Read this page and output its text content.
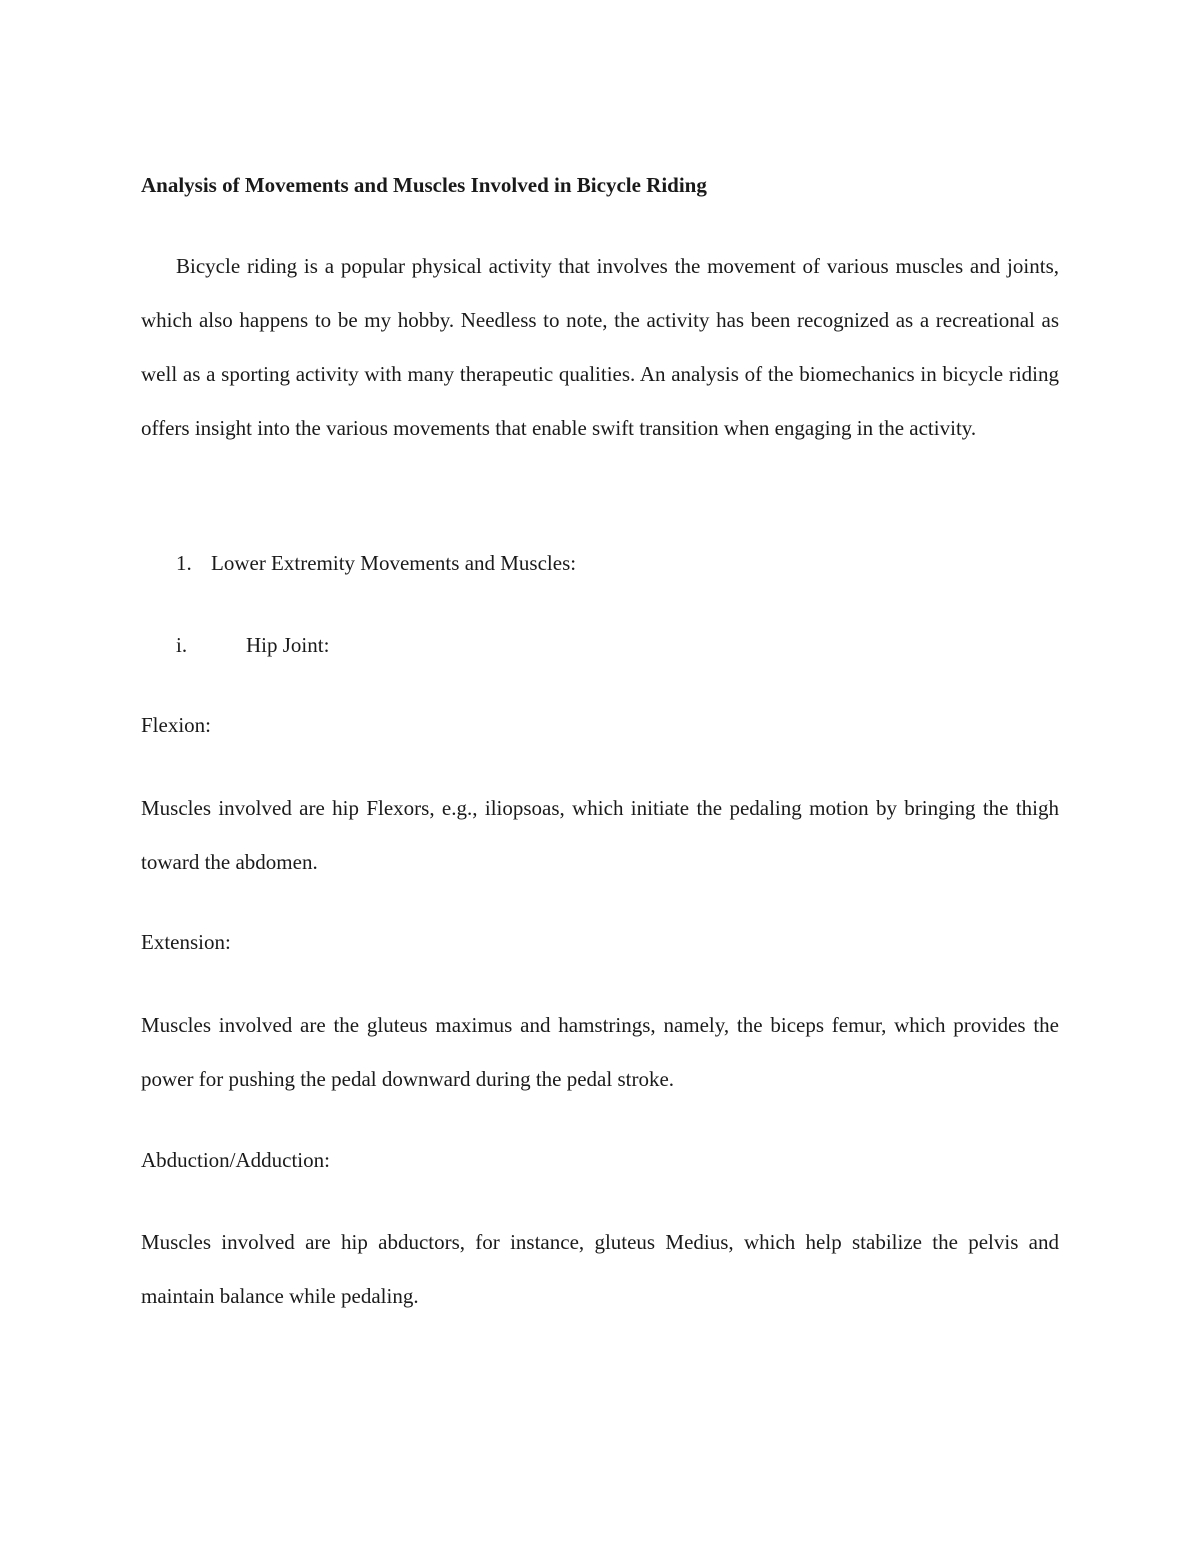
Analysis of Movements and Muscles Involved in Bicycle Riding

Bicycle riding is a popular physical activity that involves the movement of various muscles and joints, which also happens to be my hobby. Needless to note, the activity has been recognized as a recreational as well as a sporting activity with many therapeutic qualities. An analysis of the biomechanics in bicycle riding offers insight into the various movements that enable swift transition when engaging in the activity.

1. Lower Extremity Movements and Muscles:
i.	Hip Joint:
Flexion:

Muscles involved are hip Flexors, e.g., iliopsoas, which initiate the pedaling motion by bringing the thigh toward the abdomen.

Extension:

Muscles involved are the gluteus maximus and hamstrings, namely, the biceps femur, which provides the power for pushing the pedal downward during the pedal stroke.

Abduction/Adduction:

Muscles involved are hip abductors, for instance, gluteus Medius, which help stabilize the pelvis and maintain balance while pedaling.
